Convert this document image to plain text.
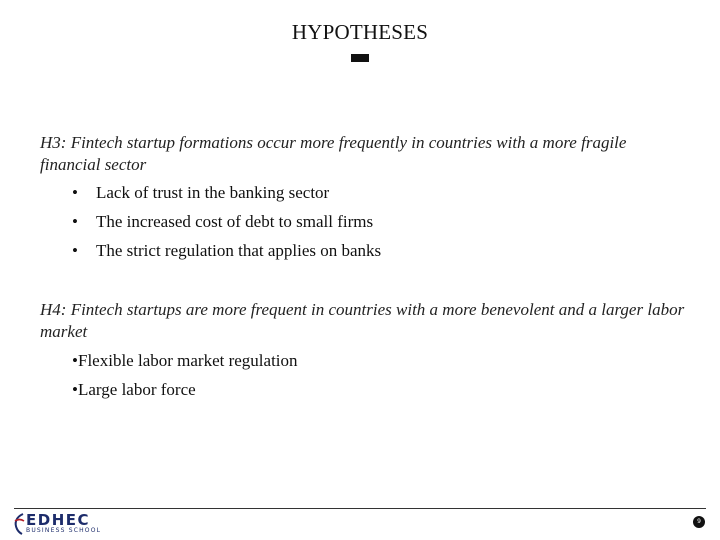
HYPOTHESES
H3: Fintech startup formations occur more frequently in countries with a more fragile financial sector
• Lack of trust in the banking sector
• The increased cost of debt to small firms
• The strict regulation that applies on banks
H4: Fintech startups are more frequent in countries with a more benevolent and a larger labor market
•Flexible labor market regulation
•Large labor force
EDHEC
BUSINESS SCHOOL
9
